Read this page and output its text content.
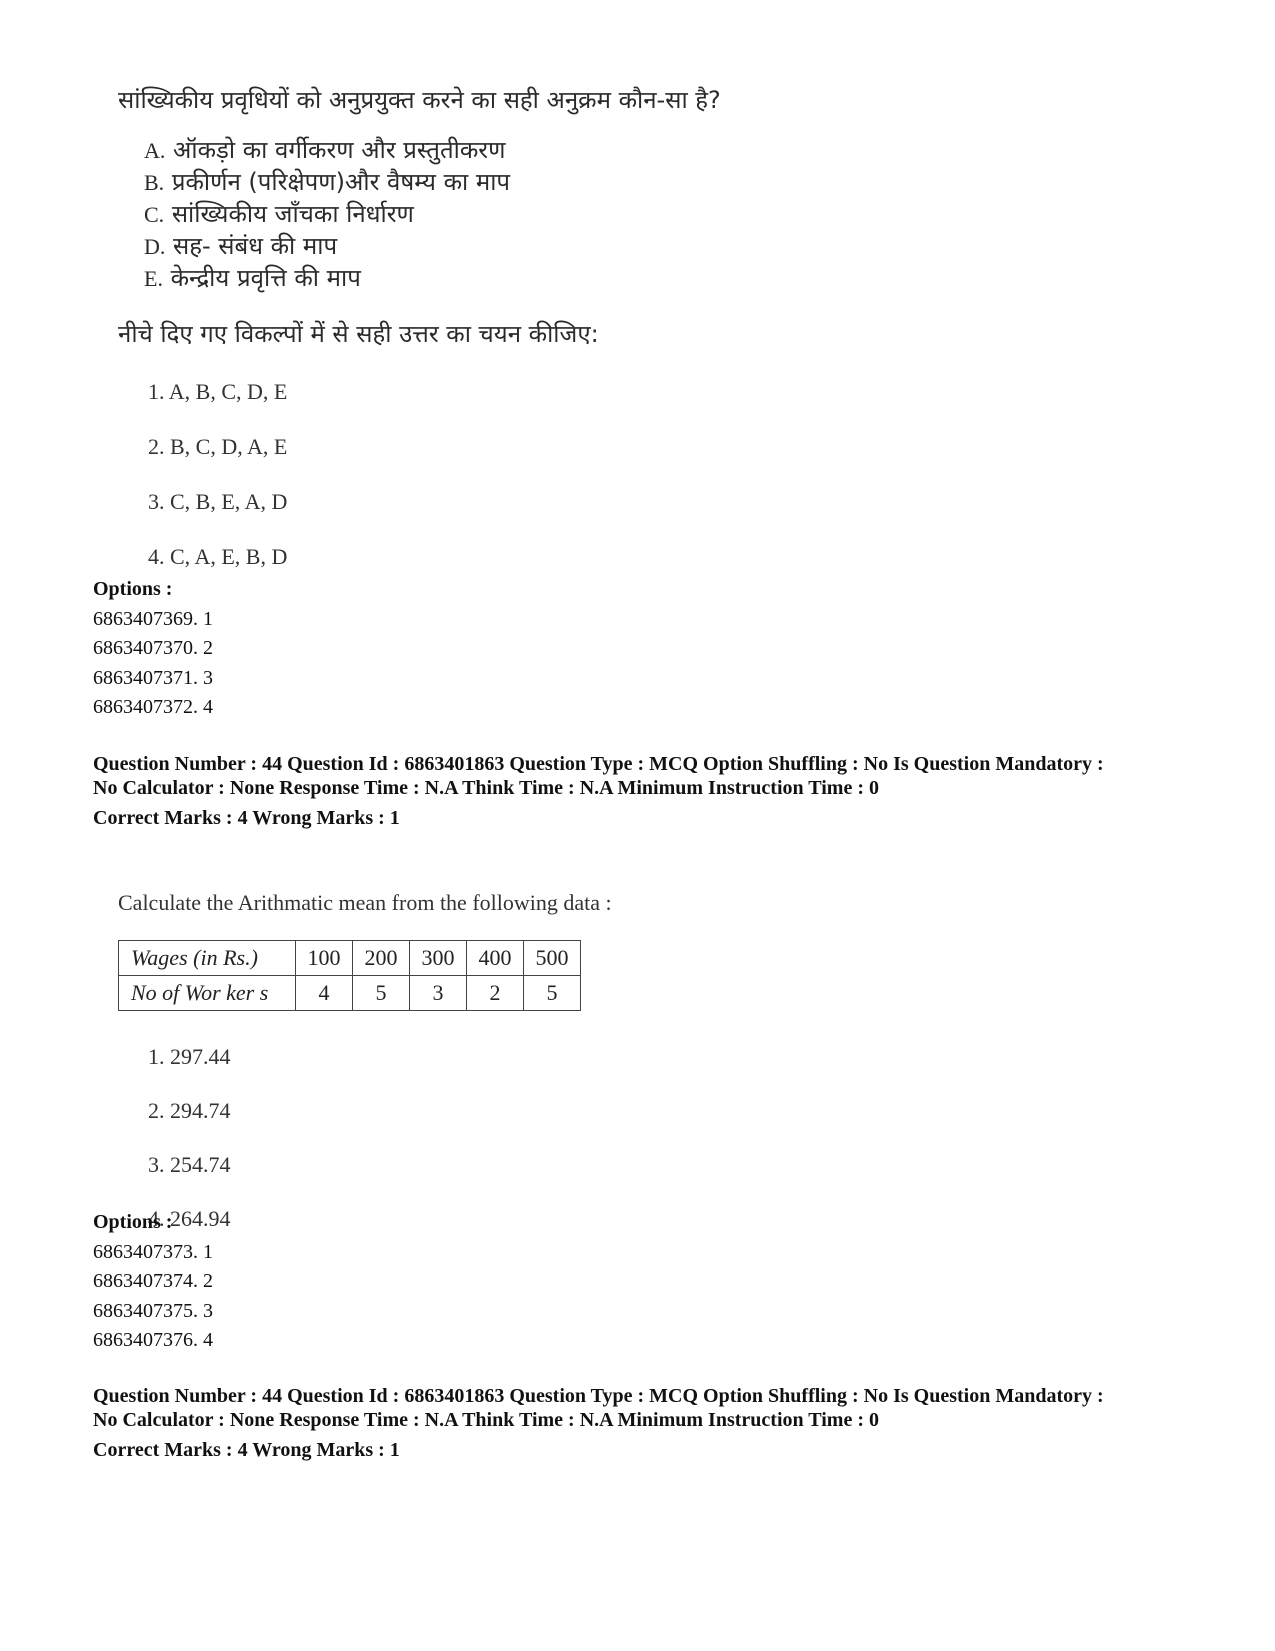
सांख्यिकीय प्रवृधियों को अनुप्रयुक्त करने का सही अनुक्रम कौन-सा है?

A. ऑकड़ो का वर्गीकरण और प्रस्तुतीकरण
B. प्रकीर्णन (परिक्षेपण)और वैषम्य का माप
C. सांख्यिकीय जाँचका निर्धारण
D. सह- संबंध की माप
E. केन्द्रीय प्रवृत्ति की माप

नीचे दिए गए विकल्पों में से सही उत्तर का चयन कीजिए:

1. A, B, C, D, E
2. B, C, D, A, E
3. C, B, E, A, D
4. C, A, E, B, D
Options :
6863407369. 1
6863407370. 2
6863407371. 3
6863407372. 4
Question Number : 44 Question Id : 6863401863 Question Type : MCQ Option Shuffling : No Is Question Mandatory :
No Calculator : None Response Time : N.A Think Time : N.A Minimum Instruction Time : 0
Correct Marks : 4 Wrong Marks : 1

Calculate the Arithmatic mean from the following data :

Wages (in Rs.)	100	200	300	400	500
No of Wor ker s	4	5	3	2	5
1. 297.44
2. 294.74
3. 254.74
4. 264.94
Options :
6863407373. 1
6863407374. 2
6863407375. 3
6863407376. 4
Question Number : 44 Question Id : 6863401863 Question Type : MCQ Option Shuffling : No Is Question Mandatory :
No Calculator : None Response Time : N.A Think Time : N.A Minimum Instruction Time : 0
Correct Marks : 4 Wrong Marks : 1
